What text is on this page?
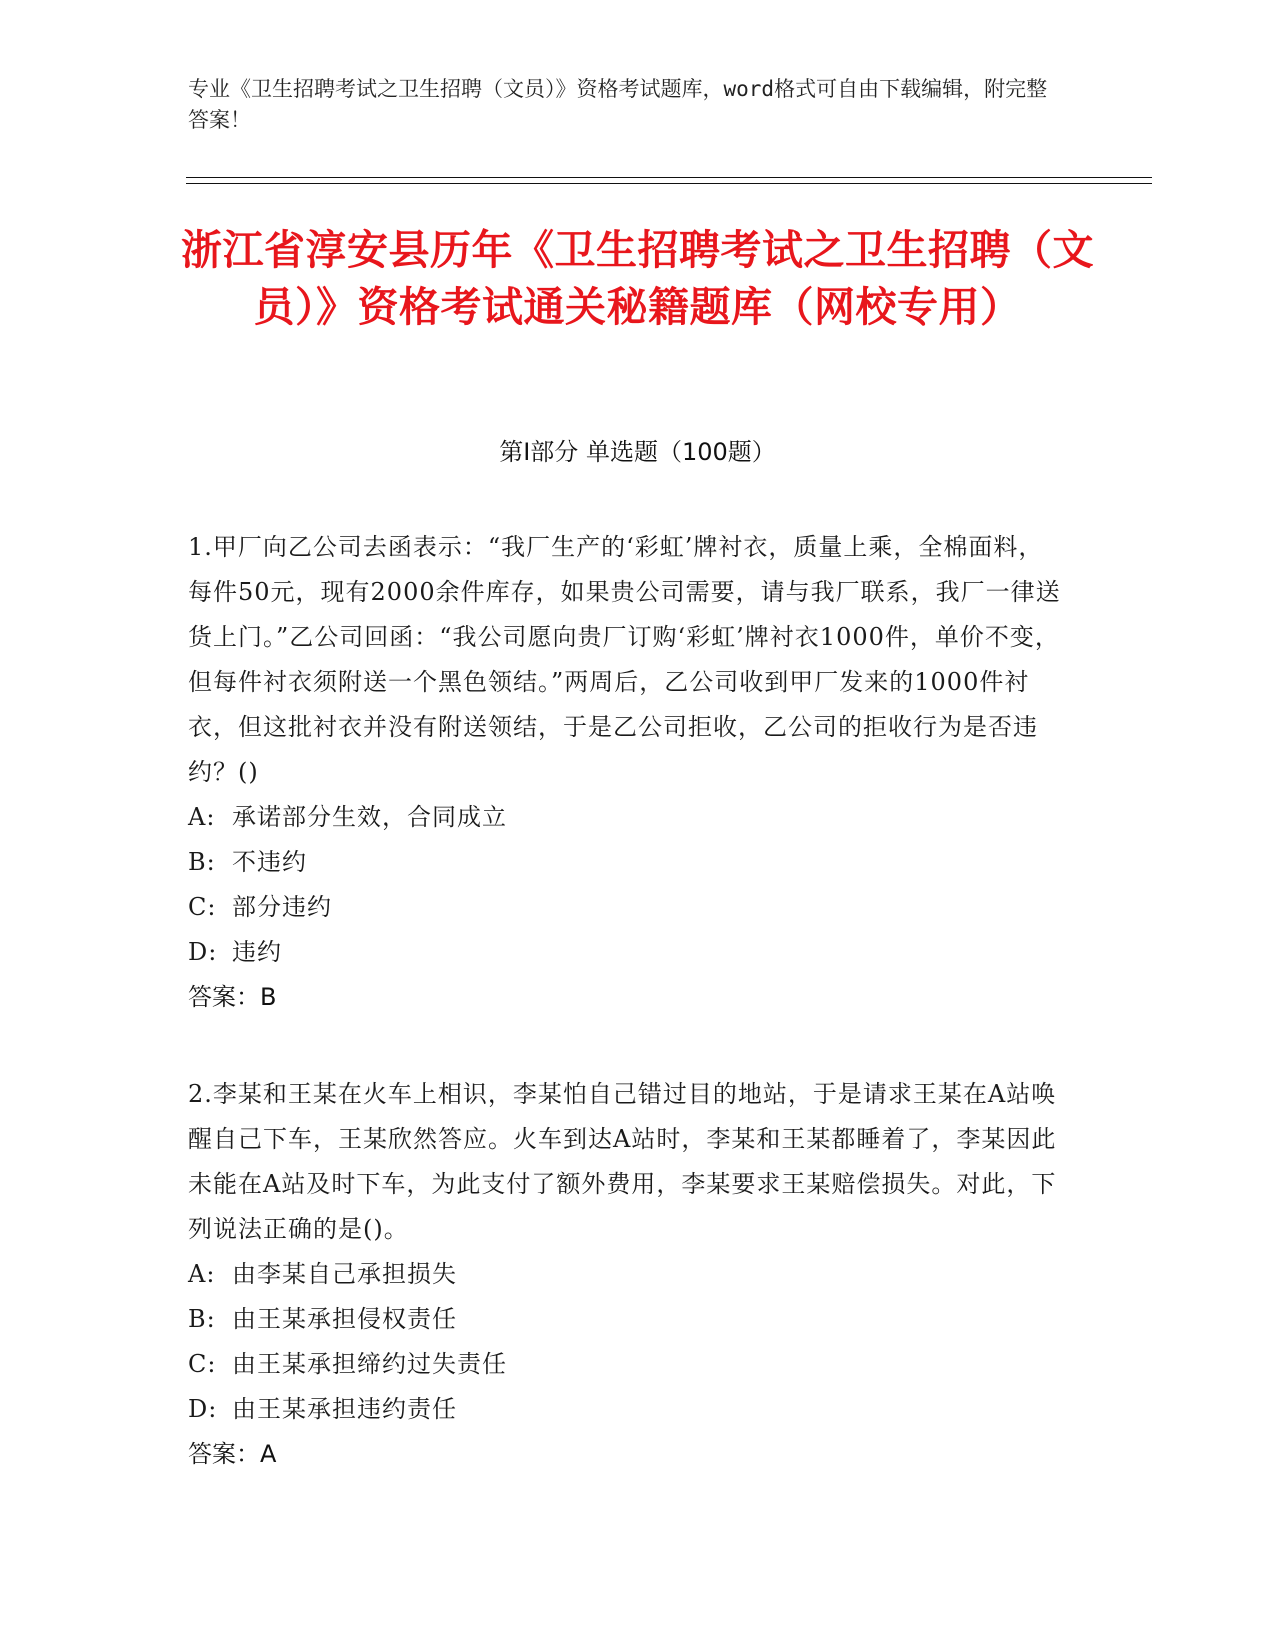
专业《卫生招聘考试之卫生招聘（文员）》资格考试题库，word格式可自由下载编辑，附完整答案！
浙江省淳安县历年《卫生招聘考试之卫生招聘（文员）》资格考试通关秘籍题库（网校专用）
第Ⅰ部分 单选题（100题）
1.甲厂向乙公司去函表示：“我厂生产的‘彩虹’牌衬衣，质量上乘，全棉面料，每件50元，现有2000余件库存，如果贵公司需要，请与我厂联系，我厂一律送货上门。”乙公司回函：“我公司愿向贵厂订购‘彩虹’牌衬衣1000件，单价不变，但每件衬衣须附送一个黑色领结。”两周后，乙公司收到甲厂发来的1000件衬衣，但这批衬衣并没有附送领结，于是乙公司拒收，乙公司的拒收行为是否违约？()
A: 承诺部分生效，合同成立
B: 不违约
C: 部分违约
D: 违约
答案：B
2.李某和王某在火车上相识，李某怕自己错过目的地站，于是请求王某在A站唤醒自己下车，王某欣然答应。火车到达A站时，李某和王某都睡着了，李某因此未能在A站及时下车，为此支付了额外费用，李某要求王某赔偿损失。对此，下列说法正确的是()。
A: 由李某自己承担损失
B: 由王某承担侵权责任
C: 由王某承担缔约过失责任
D: 由王某承担违约责任
答案：A
